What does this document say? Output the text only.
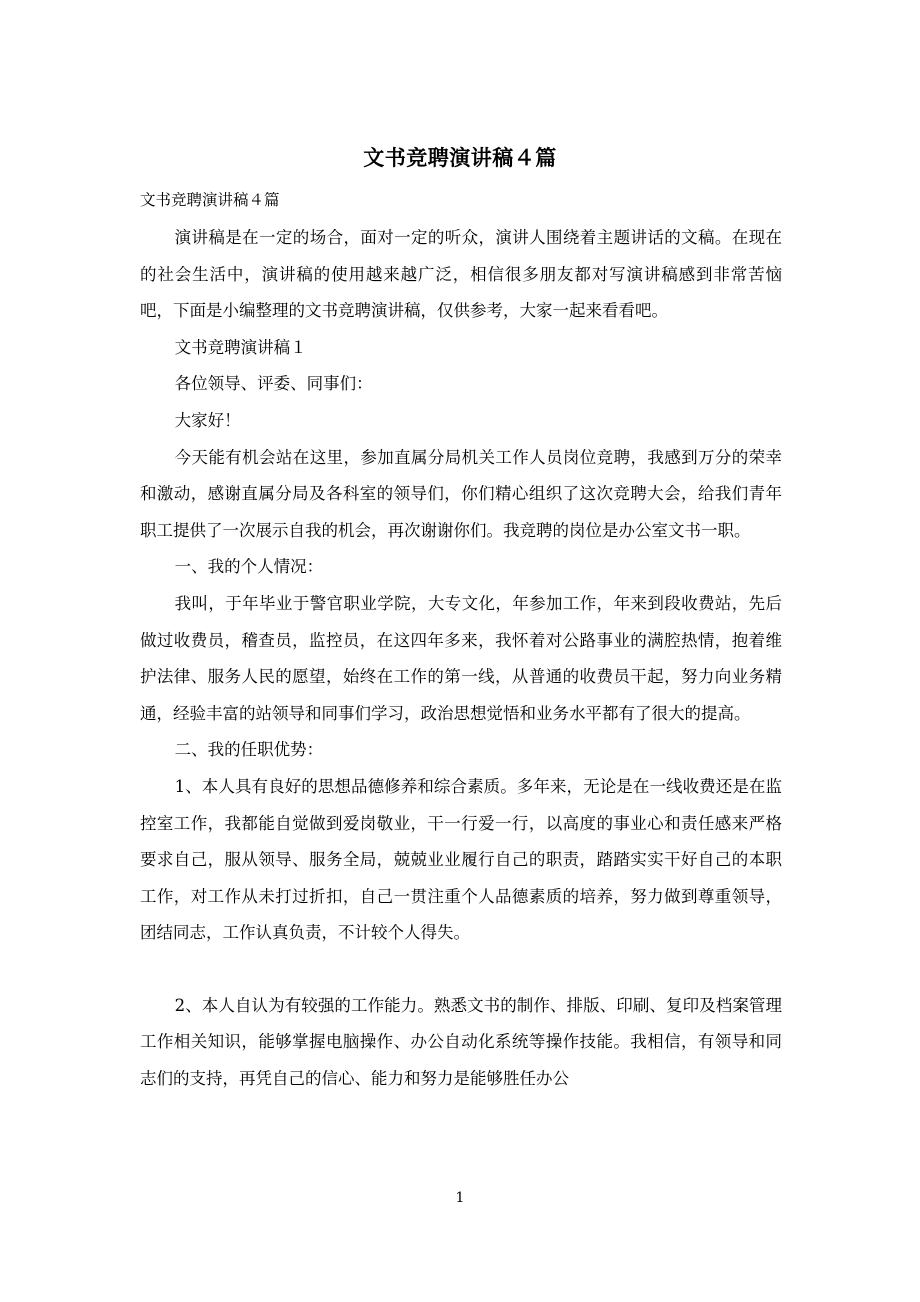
文书竞聘演讲稿４篇
文书竞聘演讲稿４篇

演讲稿是在一定的场合，面对一定的听众，演讲人围绕着主题讲话的文稿。在现在的社会生活中，演讲稿的使用越来越广泛，相信很多朋友都对写演讲稿感到非常苦恼吧，下面是小编整理的文书竞聘演讲稿，仅供参考，大家一起来看看吧。

文书竞聘演讲稿１

各位领导、评委、同事们：

大家好！

今天能有机会站在这里，参加直属分局机关工作人员岗位竞聘，我感到万分的荣幸和激动，感谢直属分局及各科室的领导们，你们精心组织了这次竞聘大会，给我们青年职工提供了一次展示自我的机会，再次谢谢你们。我竞聘的岗位是办公室文书一职。

一、我的个人情况：

我叫，于年毕业于警官职业学院，大专文化，年参加工作，年来到段收费站，先后做过收费员，稽查员，监控员，在这四年多来，我怀着对公路事业的满腔热情，抱着维护法律、服务人民的愿望，始终在工作的第一线，从普通的收费员干起，努力向业务精通，经验丰富的站领导和同事们学习，政治思想觉悟和业务水平都有了很大的提高。

二、我的任职优势：

1、本人具有良好的思想品德修养和综合素质。多年来，无论是在一线收费还是在监控室工作，我都能自觉做到爱岗敬业，干一行爱一行，以高度的事业心和责任感来严格要求自己，服从领导、服务全局，兢兢业业履行自己的职责，踏踏实实干好自己的本职工作，对工作从未打过折扣，自己一贯注重个人品德素质的培养，努力做到尊重领导，团结同志，工作认真负责，不计较个人得失。

2、本人自认为有较强的工作能力。熟悉文书的制作、排版、印刷、复印及档案管理工作相关知识，能够掌握电脑操作、办公自动化系统等操作技能。我相信，有领导和同志们的支持，再凭自己的信心、能力和努力是能够胜任办公

1
